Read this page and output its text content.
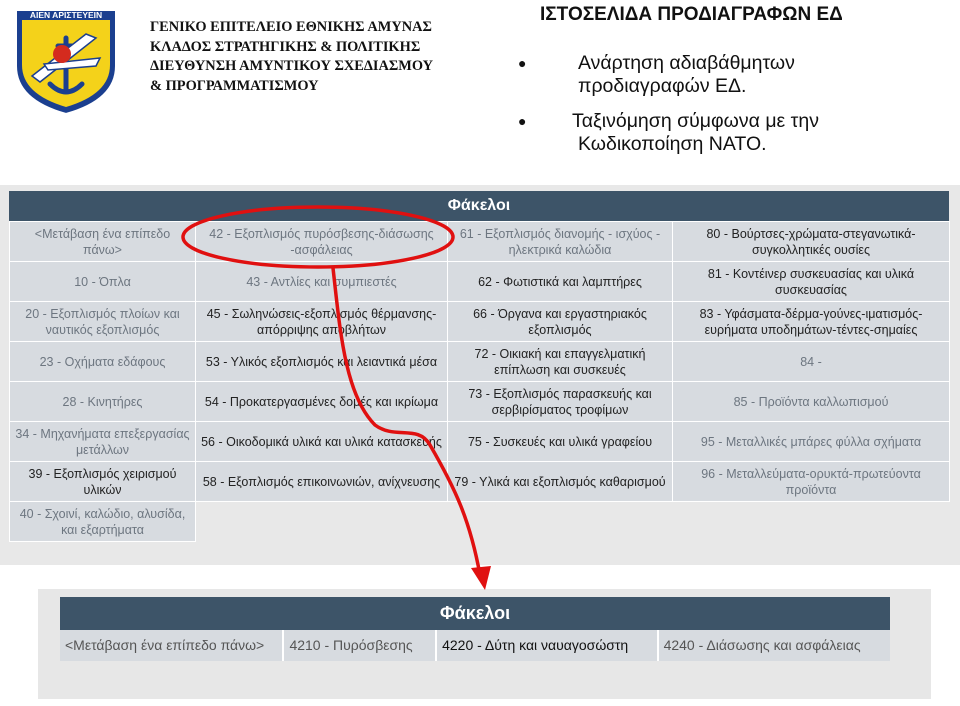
ΑΙΕΝ ΑΡΙΣΤΕΥΕΙΝ
ΓΕΝΙΚΟ ΕΠΙΤΕΛΕΙΟ ΕΘΝΙΚΗΣ ΑΜΥΝΑΣ
ΚΛΑΔΟΣ ΣΤΡΑΤΗΓΙΚΗΣ & ΠΟΛΙΤΙΚΗΣ
ΔΙΕΥΘΥΝΣΗ ΑΜΥΝΤΙΚΟΥ ΣΧΕΔΙΑΣΜΟΥ
& ΠΡΟΓΡΑΜΜΑΤΙΣΜΟΥ
ΙΣΤΟΣΕΛΙΔΑ ΠΡΟΔΙΑΓΡΑΦΩΝ ΕΔ
●	Ανάρτηση αδιαβάθμητων
προδιαγραφών ΕΔ.
● Ταξινόμηση σύμφωνα με την
Κωδικοποίηση ΝΑΤΟ.
Φάκελοι
<Μετάβαση ένα επίπεδο πάνω>	42 - Εξοπλισμός πυρόσβεσης-διάσωσης -ασφάλειας	61 - Εξοπλισμός διανομής - ισχύος - ηλεκτρικά καλώδια	80 - Βούρτσες-χρώματα-στεγανωτικά-συγκολλητικές ουσίες
10 - Όπλα	43 - Αντλίες και συμπιεστές	62 - Φωτιστικά και λαμπτήρες	81 - Κοντέινερ συσκευασίας και υλικά συσκευασίας
20 - Εξοπλισμός πλοίων και ναυτικός εξοπλισμός	45 - Σωληνώσεις-εξοπλισμός θέρμανσης-απόρριψης αποβλήτων	66 - Όργανα και εργαστηριακός εξοπλισμός	83 - Υφάσματα-δέρμα-γούνες-ιματισμός-ευρήματα υποδημάτων-τέντες-σημαίες
23 - Οχήματα εδάφους	53 - Υλικός εξοπλισμός και λειαντικά μέσα	72 - Οικιακή και επαγγελματική επίπλωση και συσκευές	84 -
28 - Κινητήρες	54 - Προκατεργασμένες δομές και ικρίωμα	73 - Εξοπλισμός παρασκευής και σερβιρίσματος τροφίμων	85 - Προϊόντα καλλωπισμού
34 - Μηχανήματα επεξεργασίας μετάλλων	56 - Οικοδομικά υλικά και υλικά κατασκευής	75 - Συσκευές και υλικά γραφείου	95 - Μεταλλικές μπάρες φύλλα σχήματα
39 - Εξοπλισμός χειρισμού υλικών	58 - Εξοπλισμός επικοινωνιών, ανίχνευσης	79 - Υλικά και εξοπλισμός καθαρισμού	96 - Μεταλλεύματα-ορυκτά-πρωτεύοντα προϊόντα
40 - Σχοινί, καλώδιο, αλυσίδα, και εξαρτήματα			
Φάκελοι
<Μετάβαση ένα επίπεδο πάνω>	4210 - Πυρόσβεσης	4220 - Δύτη και ναυαγοσώστη	4240 - Διάσωσης και ασφάλειας
